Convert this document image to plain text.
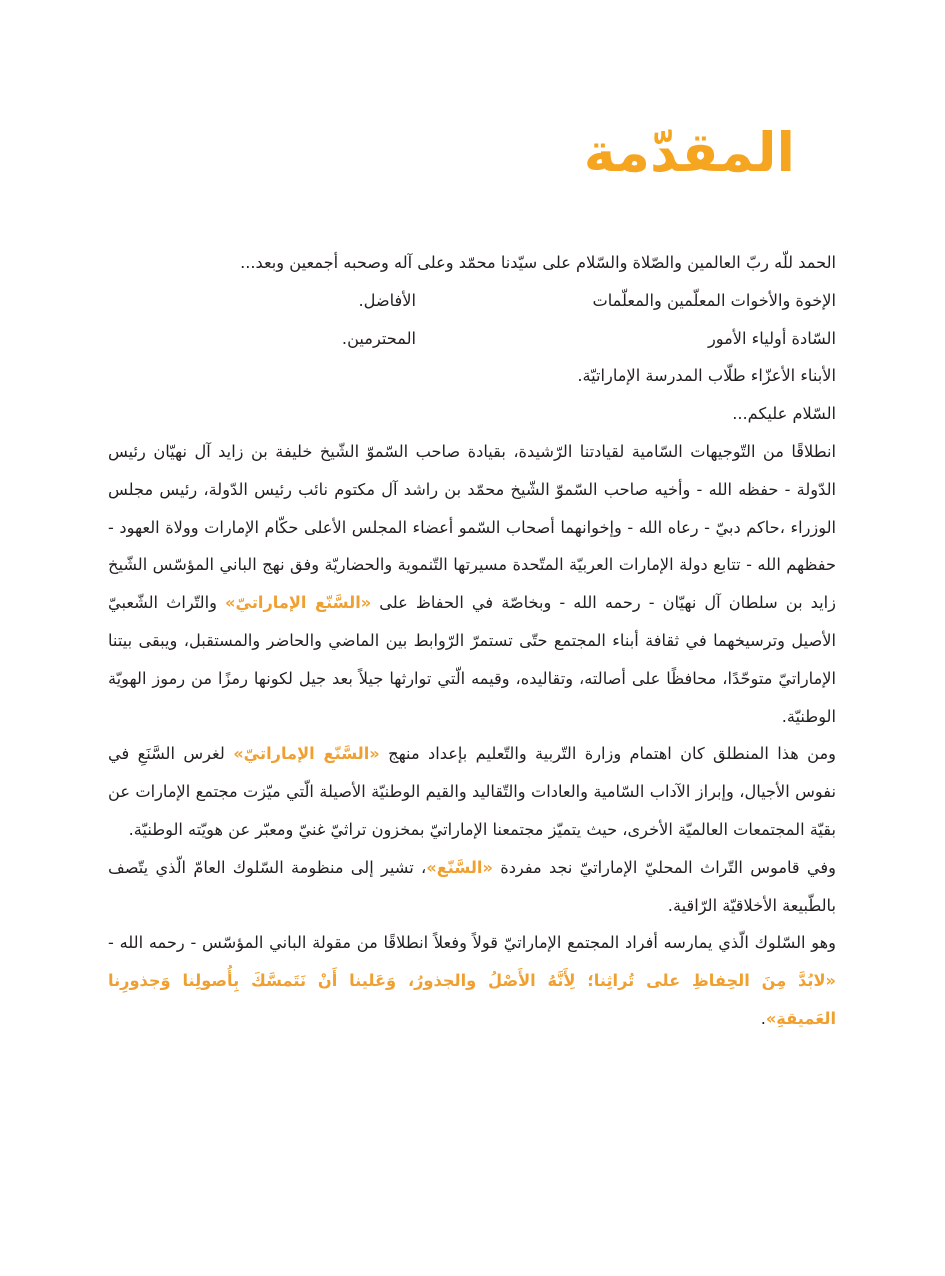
المقدّمة

الحمد للّه ربّ العالمين والصّلاة والسّلام على سيّدنا محمّد وعلى آله وصحبه أجمعين وبعد...

الإخوة والأخوات المعلّمين والمعلّمات
الأفاضل.

السّادة أولياء الأمور
المحترمين.

الأبناء الأعزّاء طلّاب المدرسة الإماراتيّة.

السّلام عليكم...

انطلاقًا من التّوجيهات السّامية لقيادتنا الرّشيدة، بقيادة صاحب السّموّ الشّيخ خليفة بن زايد آل نهيّان رئيس الدّولة - حفظه الله - وأخيه صاحب السّموّ الشّيخ محمّد بن راشد آل مكتوم نائب رئيس الدّولة، رئيس مجلس الوزراء ،حاكم دبيّ - رعاه الله - وإخوانهما أصحاب السّمو أعضاء المجلس الأعلى حكّام الإمارات وولاة العهود - حفظهم الله - تتابع دولة الإمارات العربيّة المتّحدة مسيرتها التّنموية والحضاريّة وفق نهج الباني المؤسّس الشّيخ زايد بن سلطان آل نهيّان - رحمه الله - وبخاصّة في الحفاظ على «السَّنّع الإماراتيّ» والتّراث الشّعبيّ الأصيل وترسيخهما في ثقافة أبناء المجتمع حتّى تستمرّ الرّوابط بين الماضي والحاضر والمستقبل، ويبقى بيتنا الإماراتيّ متوحّدًا، محافظًا على أصالته، وتقاليده، وقيمه الّتي توارثها جيلاً بعد جيل لكونها رمزًا من رموز الهويّة الوطنيّة.

ومن هذا المنطلق كان اهتمام وزارة التّربية والتّعليم بإعداد منهج «السَّنّع الإماراتيّ» لغرس السَّنَعِ في نفوس الأجيال، وإبراز الآداب السّامية والعادات والتّقاليد والقيم الوطنيّة الأصيلة الّتي ميّزت مجتمع الإمارات عن بقيّة المجتمعات العالميّة الأخرى، حيث يتميّز مجتمعنا الإماراتيّ بمخزون تراثيّ غنيّ ومعبّر عن هويّته الوطنيّة.

وفي قاموس التّراث المحليّ الإماراتيّ نجد مفردة «السَّنّع»، تشير إلى منظومة السّلوك العامّ الّذي يتّصف بالطّبيعة الأخلاقيّة الرّاقية.

وهو السّلوك الّذي يمارسه أفراد المجتمع الإماراتيّ قولاً وفعلاً انطلاقًا من مقولة الباني المؤسّس - رحمه الله - «لابُدَّ مِنَ الحِفاظِ على تُراثِنا؛ لِأَنَّهُ الأَصْلُ والجذورُ، وَعَلينا أَنْ نَتَمسَّكَ بِأُصولِنا وَجذورِنا العَميقةِ».
